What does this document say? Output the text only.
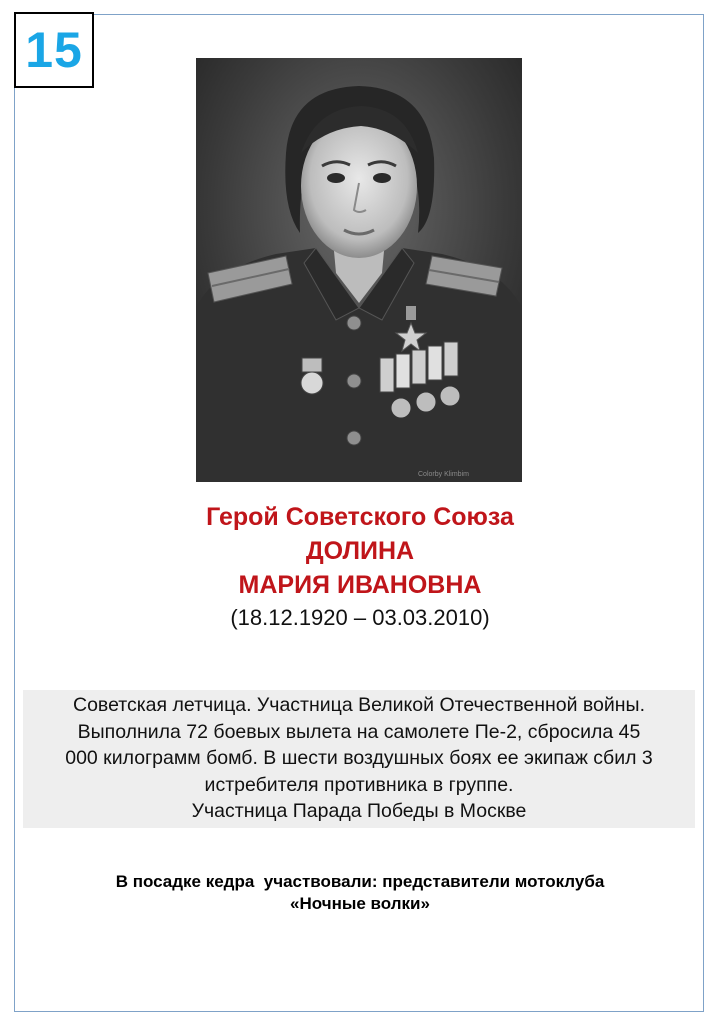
15
Colorby Klimbim
Герой Советского Союза
ДОЛИНА
МАРИЯ ИВАНОВНА
(18.12.1920 – 03.03.2010)
Советская летчица. Участница Великой Отечественной войны.
Выполнила 72 боевых вылета на самолете Пе-2, сбросила 45
000 килограмм бомб. В шести воздушных боях ее экипаж сбил 3
истребителя противника в группе.
Участница Парада Победы в Москве
В посадке кедра  участвовали: представители мотоклуба
«Ночные волки»
